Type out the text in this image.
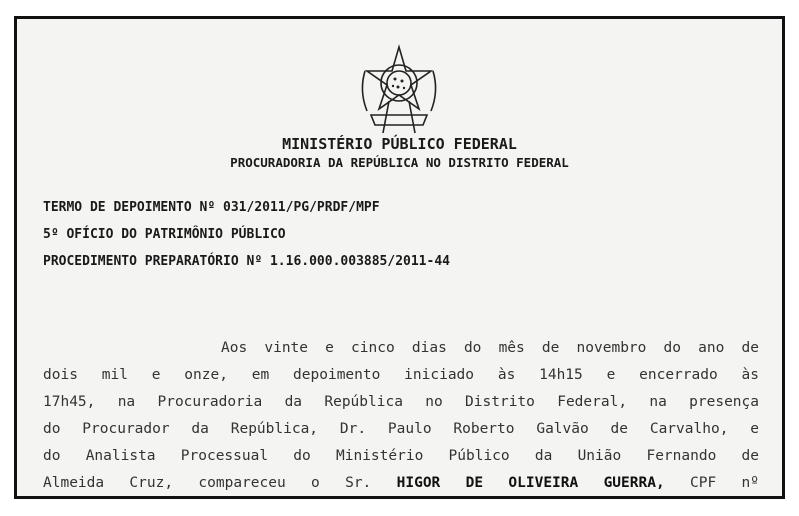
MINISTÉRIO PÚBLICO FEDERAL
PROCURADORIA DA REPÚBLICA NO DISTRITO FEDERAL
TERMO DE DEPOIMENTO Nº 031/2011/PG/PRDF/MPF
5º OFÍCIO DO PATRIMÔNIO PÚBLICO
PROCEDIMENTO PREPARATÓRIO Nº 1.16.000.003885/2011-44
Aos vinte e cinco dias do mês de novembro do ano de
dois mil e onze, em depoimento iniciado às 14h15 e encerrado às
17h45, na Procuradoria da República no Distrito Federal, na presença
do Procurador da República, Dr. Paulo Roberto Galvão de Carvalho, e
do Analista Processual do Ministério Público da União Fernando de
Almeida Cruz, compareceu o Sr. HIGOR DE OLIVEIRA GUERRA, CPF nº
